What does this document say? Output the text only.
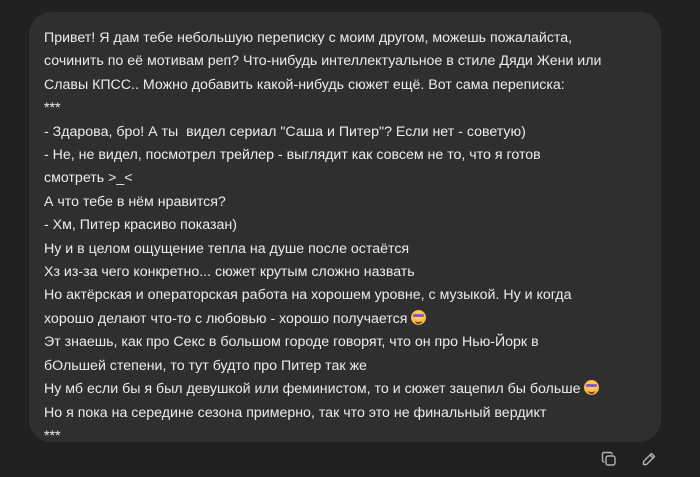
Привет! Я дам тебе небольшую переписку с моим другом, можешь пожалайста,
сочинить по её мотивам реп? Что-нибудь интеллектуальное в стиле Дяди Жени или
Славы КПСС.. Можно добавить какой-нибудь сюжет ещё. Вот сама переписка:
***
- Здарова, бро! А ты  видел сериал "Саша и Питер"? Если нет - советую)
- Не, не видел, посмотрел трейлер - выглядит как совсем не то, что я готов
смотреть >_<
А что тебе в нём нравится?
- Хм, Питер красиво показан)
Ну и в целом ощущение тепла на душе после остаётся
Хз из-за чего конкретно... сюжет крутым сложно назвать
Но актёрская и операторская работа на хорошем уровне, с музыкой. Ну и когда
хорошо делают что-то с любовью - хорошо получается
Эт знаешь, как про Секс в большом городе говорят, что он про Нью-Йорк в
бОльшей степени, то тут будто про Питер так же
Ну мб если бы я был девушкой или феминистом, то и сюжет зацепил бы больше
Но я пока на середине сезона примерно, так что это не финальный вердикт
***
